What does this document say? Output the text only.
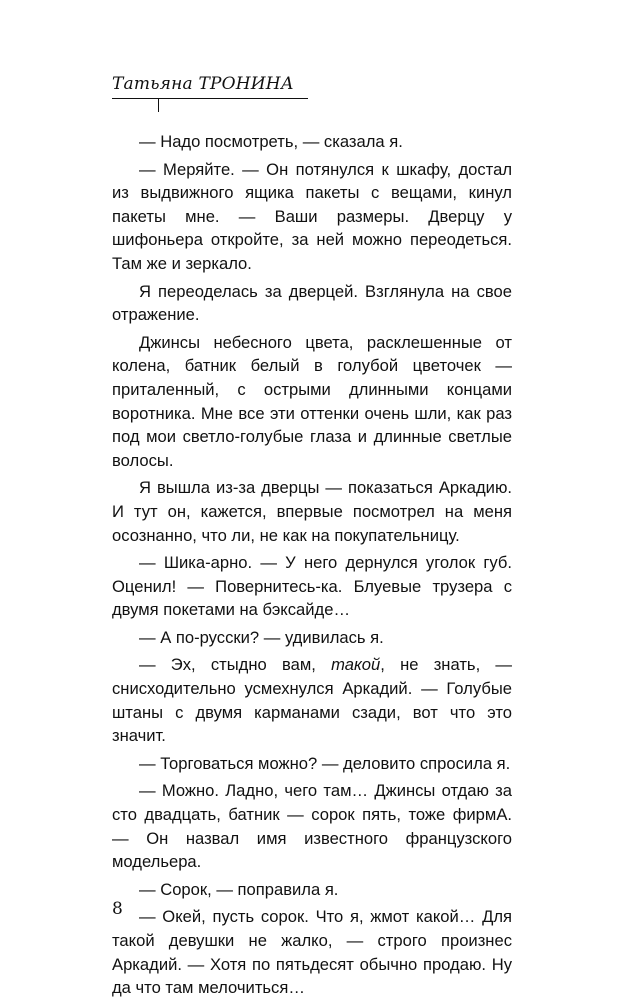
Татьяна ТРОНИНА

— Надо посмотреть, — сказала я.

— Меряйте. — Он потянулся к шкафу, достал из выдвижного ящика пакеты с вещами, кинул пакеты мне. — Ваши размеры. Дверцу у шифоньера откройте, за ней можно переодеться. Там же и зеркало.

Я переоделась за дверцей. Взглянула на свое отражение.

Джинсы небесного цвета, расклешенные от колена, батник белый в голубой цветочек — приталенный, с острыми длинными концами воротника. Мне все эти оттенки очень шли, как раз под мои светло-голубые глаза и длинные светлые волосы.

Я вышла из-за дверцы — показаться Аркадию. И тут он, кажется, впервые посмотрел на меня осознанно, что ли, не как на покупательницу.

— Шика-арно. — У него дернулся уголок губ. Оценил! — Повернитесь-ка. Блуевые трузера с двумя покетами на бэксайде…

— А по-русски? — удивилась я.

— Эх, стыдно вам, такой, не знать, — снисходительно усмехнулся Аркадий. — Голубые штаны с двумя карманами сзади, вот что это значит.

— Торговаться можно? — деловито спросила я.

— Можно. Ладно, чего там… Джинсы отдаю за сто двадцать, батник — сорок пять, тоже фирмА. — Он назвал имя известного французского модельера.

— Сорок, — поправила я.

— Окей, пусть сорок. Что я, жмот какой… Для такой девушки не жалко, — строго произнес Аркадий. — Хотя по пятьдесят обычно продаю. Ну да что там мелочиться…

8
